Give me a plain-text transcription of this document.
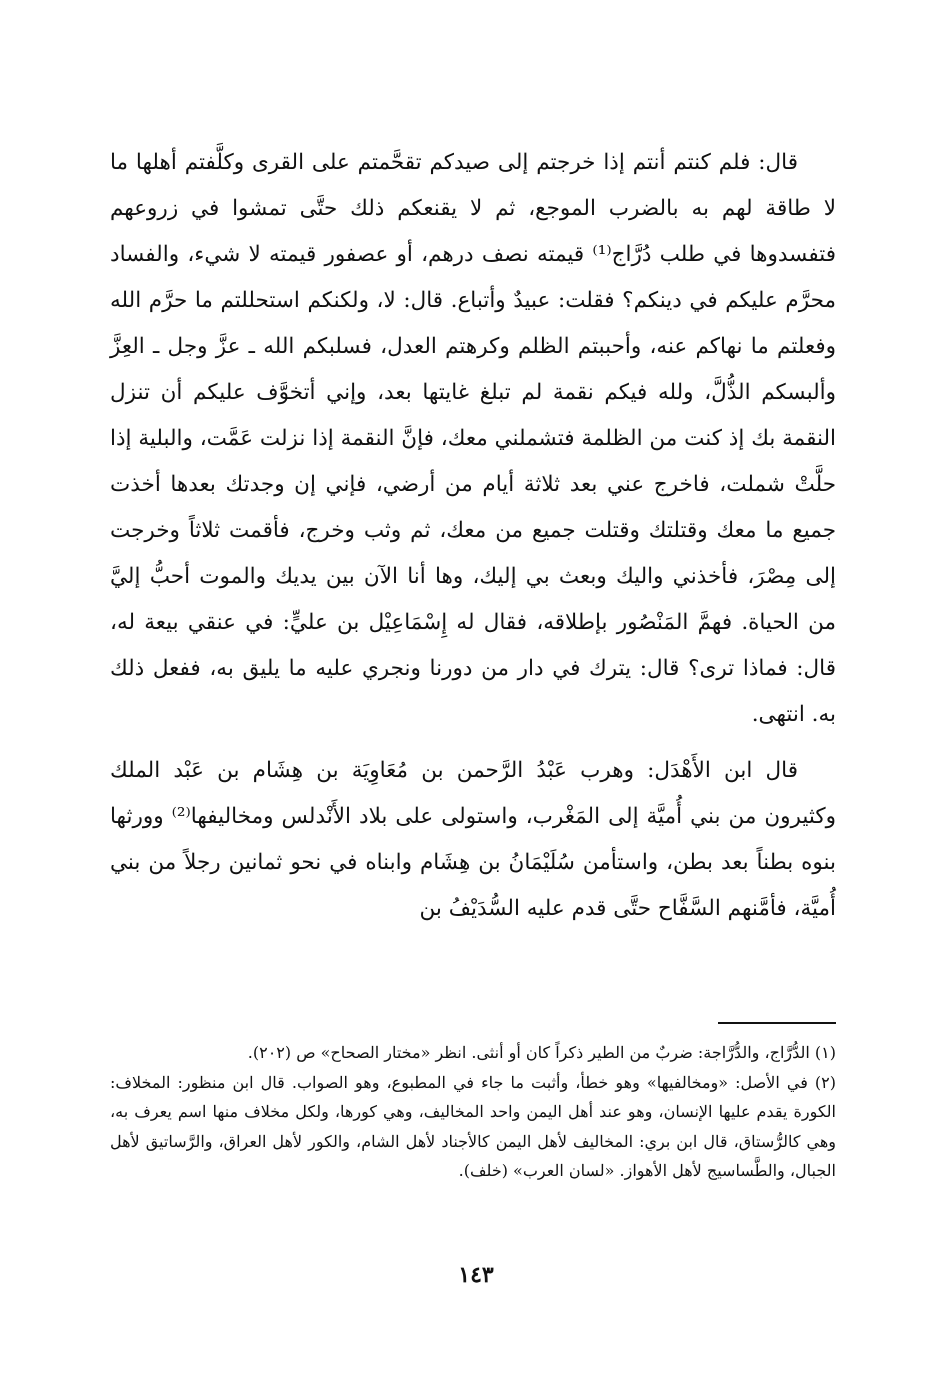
قال: فلم كنتم أنتم إذا خرجتم إلى صيدكم تقحَّمتم على القرى وكلَّفتم أهلها ما لا طاقة لهم به بالضرب الموجع، ثم لا يقنعكم ذلك حتَّى تمشوا في زروعهم فتفسدوها في طلب دُرَّاج⁽¹⁾ قيمته نصف درهم، أو عصفور قيمته لا شيء، والفساد محرَّم عليكم في دينكم؟ فقلت: عبيدٌ وأتباع. قال: لا، ولكنكم استحللتم ما حرَّم الله وفعلتم ما نهاكم عنه، وأحببتم الظلم وكرهتم العدل، فسلبكم الله ـ عزَّ وجل ـ العِزَّ وألبسكم الذُّلَّ، ولله فيكم نقمة لم تبلغ غايتها بعد، وإني أتخوَّف عليكم أن تنزل النقمة بك إذ كنت من الظلمة فتشملني معك، فإنَّ النقمة إذا نزلت عَمَّت، والبلية إذا حلَّتْ شملت، فاخرج عني بعد ثلاثة أيام من أرضي، فإني إن وجدتك بعدها أخذت جميع ما معك وقتلتك وقتلت جميع من معك، ثم وثب وخرج، فأقمت ثلاثاً وخرجت إلى مِصْرَ، فأخذني واليك وبعث بي إليك، وها أنا الآن بين يديك والموت أحبُّ إليَّ من الحياة. فهمَّ المَنْصُور بإطلاقه، فقال له إِسْمَاعِيْل بن عليٍّ: في عنقي بيعة له، قال: فماذا ترى؟ قال: يترك في دار من دورنا ونجري عليه ما يليق به، ففعل ذلك به. انتهى.

قال ابن الأَهْدَل: وهرب عَبْدُ الرَّحمن بن مُعَاوِيَة بن هِشَام بن عَبْد الملك وكثيرون من بني أُميَّة إلى المَغْرب، واستولى على بلاد الأَنْدلس ومخاليفها⁽²⁾ وورثها بنوه بطناً بعد بطن، واستأمن سُلَيْمَانُ بن هِشَام وابناه في نحو ثمانين رجلاً من بني أُميَّة، فأمَّنهم السَّفَّاح حتَّى قدم عليه السُّدَيْفُ بن

(١) الدُّرَّاج، والدُّرَّاجة: ضربٌ من الطير ذكراً كان أو أنثى. انظر «مختار الصحاح» ص (٢٠٢).

(٢) في الأصل: «ومخالفيها» وهو خطأ، وأثبت ما جاء في المطبوع، وهو الصواب. قال ابن منظور: المخلاف: الكورة يقدم عليها الإنسان، وهو عند أهل اليمن واحد المخاليف، وهي كورها، ولكل مخلاف منها اسم يعرف به، وهي كالرُّستاق، قال ابن بري: المخاليف لأهل اليمن كالأجناد لأهل الشام، والكور لأهل العراق، والرَّساتيق لأهل الجبال، والطَّساسيج لأهل الأهواز. «لسان العرب» (خلف).

١٤٣
